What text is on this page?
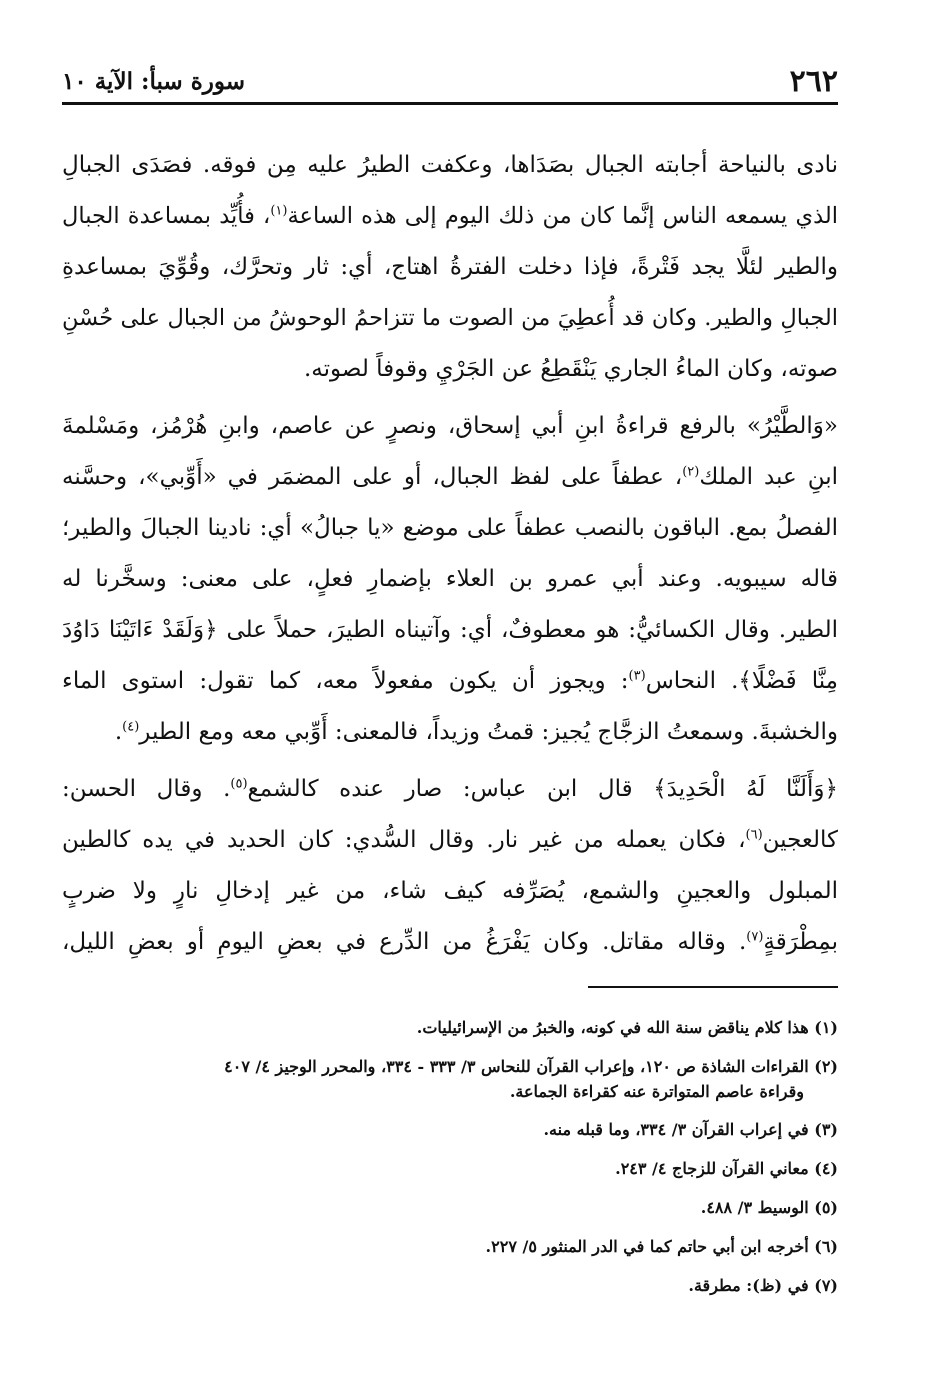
٢٦٢
سورة سبأ: الآية ١٠

نادى بالنياحة أجابته الجبال بصَدَاها، وعكفت الطيرُ عليه مِن فوقه. فصَدَى الجبالِ
الذي يسمعه الناس إنَّما كان من ذلك اليوم إلى هذه الساعة$^{(١)}$، فأُيِّد بمساعدة الجبال
والطير لئلَّا يجد فَتْرةً، فإذا دخلت الفترةُ اهتاج، أي: ثار وتحرَّك، وقُوِّيَ بمساعدةِ
الجبالِ والطير. وكان قد أُعطِيَ من الصوت ما تتزاحمُ الوحوشُ من الجبال على حُسْنِ
صوته، وكان الماءُ الجاري يَنْقَطِعُ عن الجَرْيِ وقوفاً لصوته.

«وَالطَّيْرُ» بالرفع قراءةُ ابنِ أبي إسحاق، ونصرٍ عن عاصم، وابنِ هُرْمُز، ومَسْلمةَ
ابنِ عبد الملك$^{(٢)}$، عطفاً على لفظ الجبال، أو على المضمَر في «أَوِّبي»، وحسَّنه
الفصلُ بمع. الباقون بالنصب عطفاً على موضع «يا جبالُ» أي: نادينا الجبالَ والطير؛
قاله سيبويه. وعند أبي عمرو بن العلاء بإضمارِ فعلٍ، على معنى: وسخَّرنا له
الطير. وقال الكسائيُّ: هو معطوفٌ، أي: وآتيناه الطيرَ، حملاً على ﴿وَلَقَدْ ءَاتَيْنَا دَاوُدَ
مِنَّا فَضْلًا﴾. النحاس$^{(٣)}$: ويجوز أن يكون مفعولاً معه، كما تقول: استوى الماء
والخشبةَ. وسمعتُ الزجَّاج يُجيز: قمتُ وزيداً، فالمعنى: أَوِّبي معه ومع الطير$^{(٤)}$.

﴿وَأَلَنَّا لَهُ الْحَدِيدَ﴾ قال ابن عباس: صار عنده كالشمع$^{(٥)}$. وقال الحسن:
كالعجين$^{(٦)}$، فكان يعمله من غير نار. وقال السُّدي: كان الحديد في يده كالطين
المبلول والعجينِ والشمع، يُصَرِّفه كيف شاء، من غير إدخالِ نارٍ ولا ضربٍ
بمِطْرَقةٍ$^{(٧)}$. وقاله مقاتل. وكان يَفْرَغُ من الدِّرع في بعضِ اليومِ أو بعضِ الليل،

(١) هذا كلام يناقض سنة الله في كونه، والخبرُ من الإسرائيليات.
(٢) القراءات الشاذة ص ١٢٠، وإعراب القرآن للنحاس ٣/ ٣٣٣ - ٣٣٤، والمحرر الوجيز ٤/ ٤٠٧
وقراءة عاصم المتواترة عنه كقراءة الجماعة.
(٣) في إعراب القرآن ٣/ ٣٣٤، وما قبله منه.
(٤) معاني القرآن للزجاج ٤/ ٢٤٣.
(٥) الوسيط ٣/ ٤٨٨.
(٦) أخرجه ابن أبي حاتم كما في الدر المنثور ٥/ ٢٢٧.
(٧) في (ظ): مطرقة.
